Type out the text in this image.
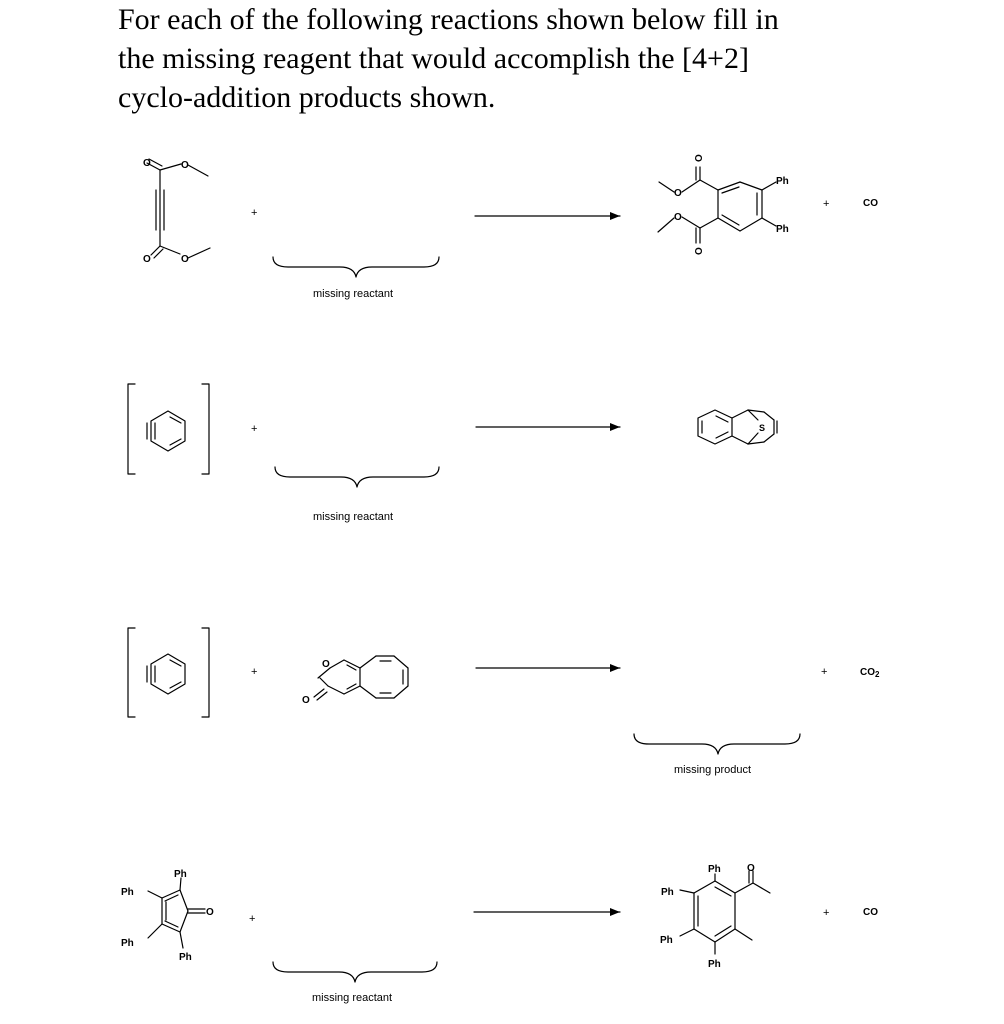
For each of the following reactions shown below fill in
the missing reagent that would accomplish the [4+2]
cyclo-addition products shown.

O	O
O	O
+
missing reactant
O
O
O
O
Ph
Ph
+	CO
+
missing reactant
S
+
O
O
+	$CO_2$
missing product
Ph
Ph
O
Ph
Ph
+
missing reactant
Ph	O
Ph
Ph
Ph
+	CO
